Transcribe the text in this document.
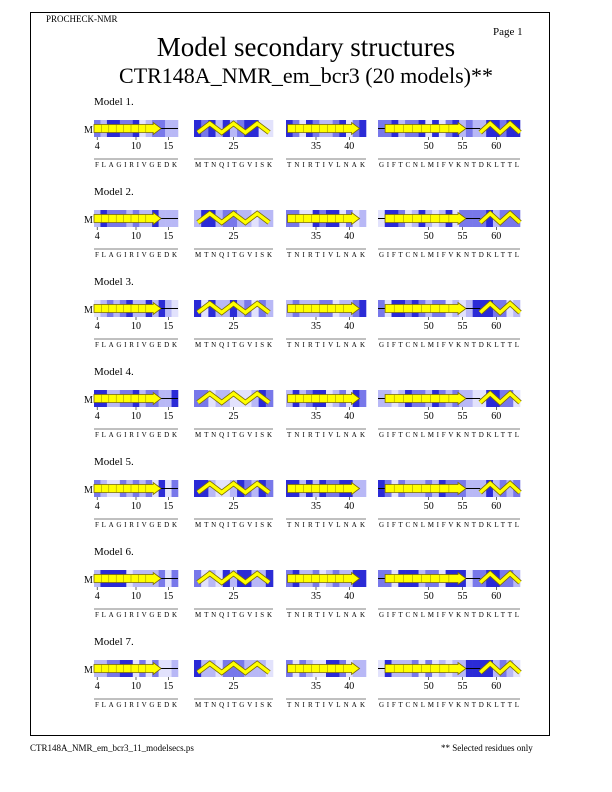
PROCHECK-NMR
Page 1
Model secondary structures
CTR148A_NMR_em_bcr3 (20 models)**
Model 1.
M
4	10 15
FLAGIRIVGEDK
25
MTNQITGVISK
35 40
TNIRTIVLNAK
50 55 60
GIFTCNLMIFVKNTDKLTTL
Model 2.
M
4	10 15
FLAGIRIVGEDK
25
MTNQITGVISK
35 40
TNIRTIVLNAK
50 55 60
GIFTCNLMIFVKNTDKLTTL
Model 3.
M
4	10 15
FLAGIRIVGEDK
25
MTNQITGVISK
35 40
TNIRTIVLNAK
50 55 60
GIFTCNLMIFVKNTDKLTTL
Model 4.
M
4	10 15
FLAGIRIVGEDK
25
MTNQITGVISK
35 40
TNIRTIVLNAK
50 55 60
GIFTCNLMIFVKNTDKLTTL
Model 5.
M
4	10 15
FLAGIRIVGEDK
25
MTNQITGVISK
35 40
TNIRTIVLNAK
50 55 60
GIFTCNLMIFVKNTDKLTTL
Model 6.
M
4	10 15
FLAGIRIVGEDK
25
MTNQITGVISK
35 40
TNIRTIVLNAK
50 55 60
GIFTCNLMIFVKNTDKLTTL
Model 7.
M
4	10 15
FLAGIRIVGEDK
25
MTNQITGVISK
35 40
TNIRTIVLNAK
50 55 60
GIFTCNLMIFVKNTDKLTTL
CTR148A_NMR_em_bcr3_11_modelsecs.ps	** Selected residues only
